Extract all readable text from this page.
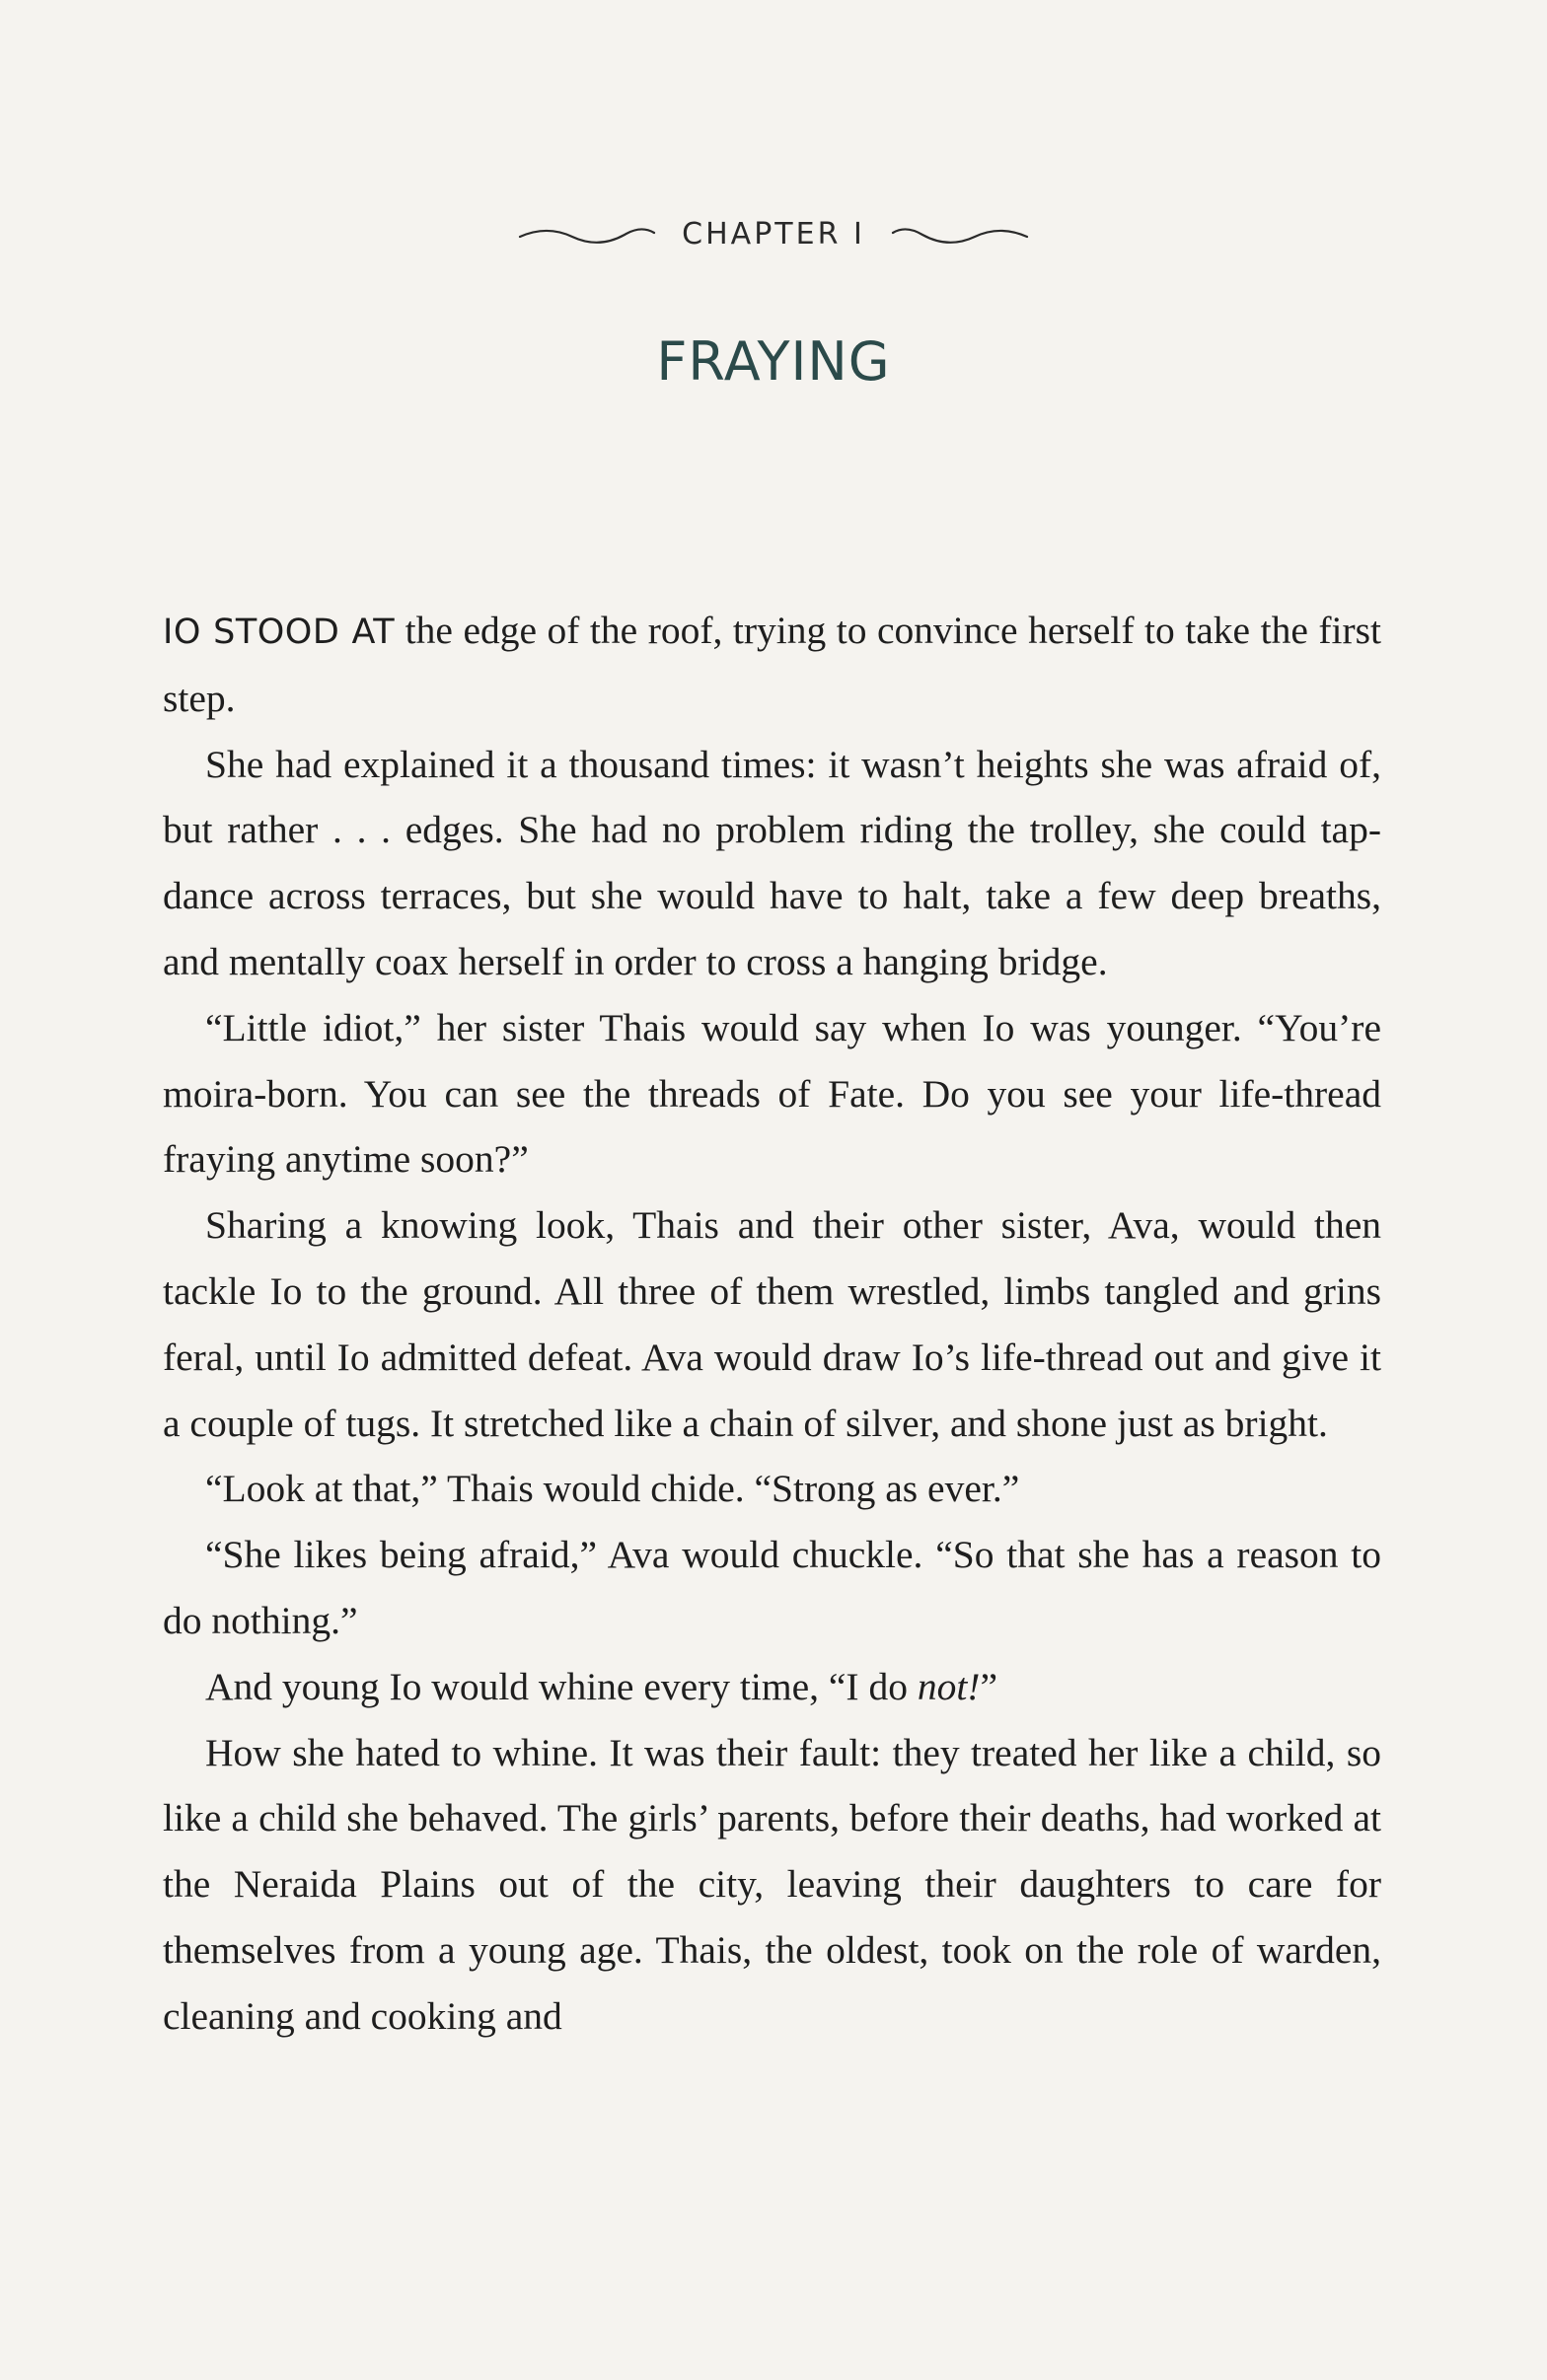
CHAPTER I
FRAYING

IO STOOD AT the edge of the roof, trying to convince herself to take the first step.

She had explained it a thousand times: it wasn’t heights she was afraid of, but rather . . . edges. She had no problem riding the trolley, she could tap-dance across terraces, but she would have to halt, take a few deep breaths, and mentally coax herself in order to cross a hanging bridge.

“Little idiot,” her sister Thais would say when Io was younger. “You’re moira-born. You can see the threads of Fate. Do you see your life-thread fraying anytime soon?”

Sharing a knowing look, Thais and their other sister, Ava, would then tackle Io to the ground. All three of them wrestled, limbs tangled and grins feral, until Io admitted defeat. Ava would draw Io’s life-thread out and give it a couple of tugs. It stretched like a chain of silver, and shone just as bright.

“Look at that,” Thais would chide. “Strong as ever.”

“She likes being afraid,” Ava would chuckle. “So that she has a reason to do nothing.”

And young Io would whine every time, “I do not!”

How she hated to whine. It was their fault: they treated her like a child, so like a child she behaved. The girls’ parents, before their deaths, had worked at the Neraida Plains out of the city, leaving their daughters to care for themselves from a young age. Thais, the oldest, took on the role of warden, cleaning and cooking and
